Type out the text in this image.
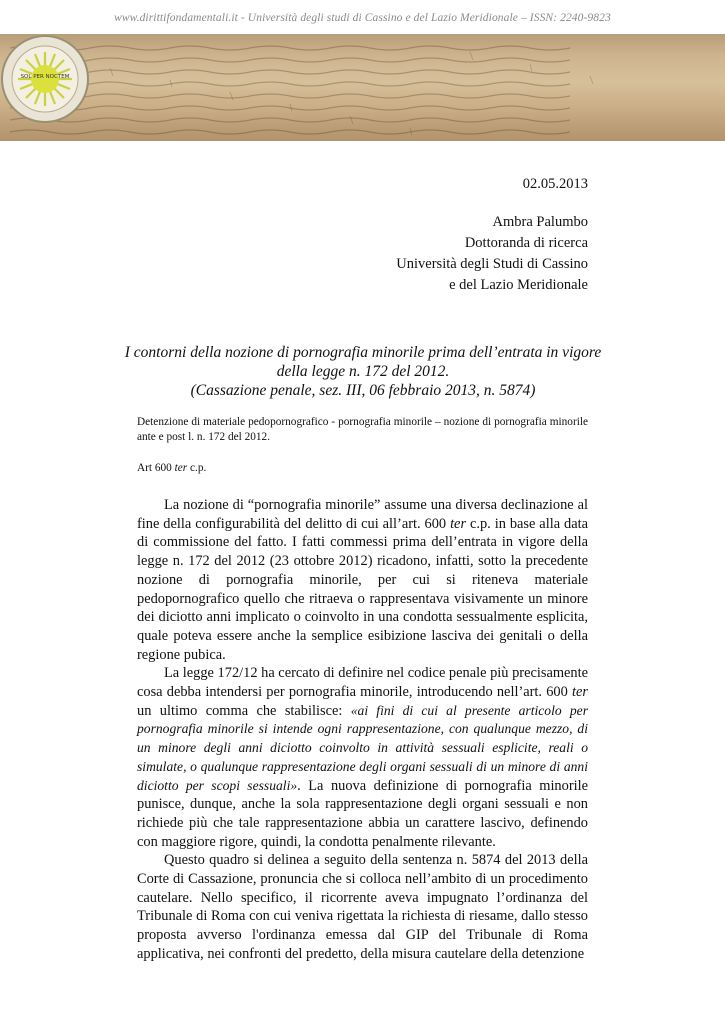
www.dirittifondamentali.it - Università degli studi di Cassino e del Lazio Meridionale – ISSN: 2240-9823
SOL PER NOCTEM
02.05.2013
Ambra Palumbo
Dottoranda di ricerca
Università degli Studi di Cassino
e del Lazio Meridionale
I contorni della nozione di pornografia minorile prima dell’entrata in vigore
della legge n. 172 del 2012.
(Cassazione penale, sez. III, 06 febbraio 2013, n. 5874)
Detenzione di materiale pedopornografico - pornografia minorile – nozione di pornografia minorile ante e post l. n. 172 del 2012.
Art 600 ter c.p.

La nozione di “pornografia minorile” assume una diversa declinazione al fine della configurabilità del delitto di cui all’art. 600 ter c.p. in base alla data di commissione del fatto. I fatti commessi prima dell’entrata in vigore della legge n. 172 del 2012 (23 ottobre 2012) ricadono, infatti, sotto la precedente nozione di pornografia minorile, per cui si riteneva materiale pedopornografico quello che ritraeva o rappresentava visivamente un minore dei diciotto anni implicato o coinvolto in una condotta sessualmente esplicita, quale poteva essere anche la semplice esibizione lasciva dei genitali o della regione pubica.

La legge 172/12 ha cercato di definire nel codice penale più precisamente cosa debba intendersi per pornografia minorile, introducendo nell’art. 600 ter un ultimo comma che stabilisce: «ai fini di cui al presente articolo per pornografia minorile si intende ogni rappresentazione, con qualunque mezzo, di un minore degli anni diciotto coinvolto in attività sessuali esplicite, reali o simulate, o qualunque rappresentazione degli organi sessuali di un minore di anni diciotto per scopi sessuali». La nuova definizione di pornografia minorile punisce, dunque, anche la sola rappresentazione degli organi sessuali e non richiede più che tale rappresentazione abbia un carattere lascivo, definendo con maggiore rigore, quindi, la condotta penalmente rilevante.

Questo quadro si delinea a seguito della sentenza n. 5874 del 2013 della Corte di Cassazione, pronuncia che si colloca nell’ambito di un procedimento cautelare. Nello specifico, il ricorrente aveva impugnato l’ordinanza del Tribunale di Roma con cui veniva rigettata la richiesta di riesame, dallo stesso proposta avverso l'ordinanza emessa dal GIP del Tribunale di Roma applicativa, nei confronti del predetto, della misura cautelare della detenzione
